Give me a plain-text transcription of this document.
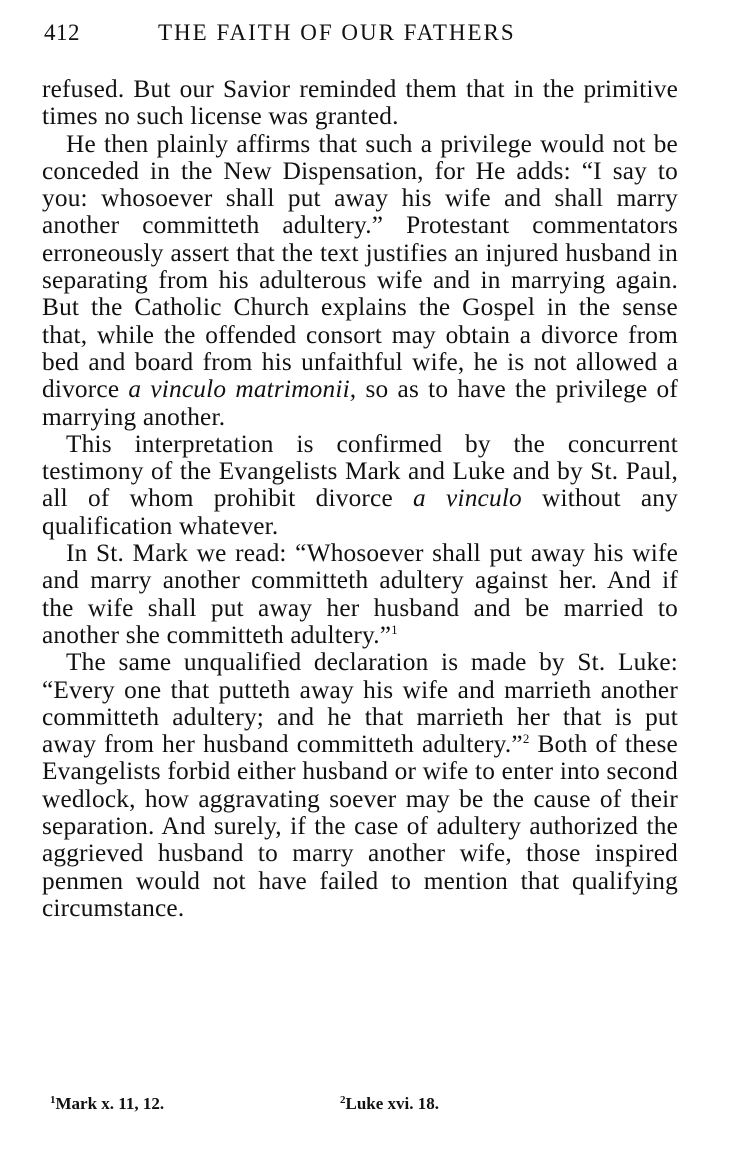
412	THE FAITH OF OUR FATHERS

refused. But our Savior reminded them that in the primitive times no such license was granted.

He then plainly affirms that such a privilege would not be conceded in the New Dispensation, for He adds: “I say to you: whosoever shall put away his wife and shall marry another committeth adultery.” Protestant commentators erroneously assert that the text justifies an injured husband in separating from his adulterous wife and in marrying again. But the Catholic Church explains the Gospel in the sense that, while the offended consort may obtain a divorce from bed and board from his unfaithful wife, he is not allowed a divorce a vinculo matrimonii, so as to have the privilege of marrying another.

This interpretation is confirmed by the concurrent testimony of the Evangelists Mark and Luke and by St. Paul, all of whom prohibit divorce a vinculo without any qualification whatever.

In St. Mark we read: “Whosoever shall put away his wife and marry another committeth adultery against her. And if the wife shall put away her husband and be married to another she committeth adultery.”$^1$

The same unqualified declaration is made by St. Luke: “Every one that putteth away his wife and marrieth another committeth adultery; and he that marrieth her that is put away from her husband committeth adultery.”$^2$ Both of these Evangelists forbid either husband or wife to enter into second wedlock, how aggravating soever may be the cause of their separation. And surely, if the case of adultery authorized the aggrieved husband to marry another wife, those inspired penmen would not have failed to mention that qualifying circumstance.

$^1$Mark x. 11, 12.	$^2$Luke xvi. 18.
